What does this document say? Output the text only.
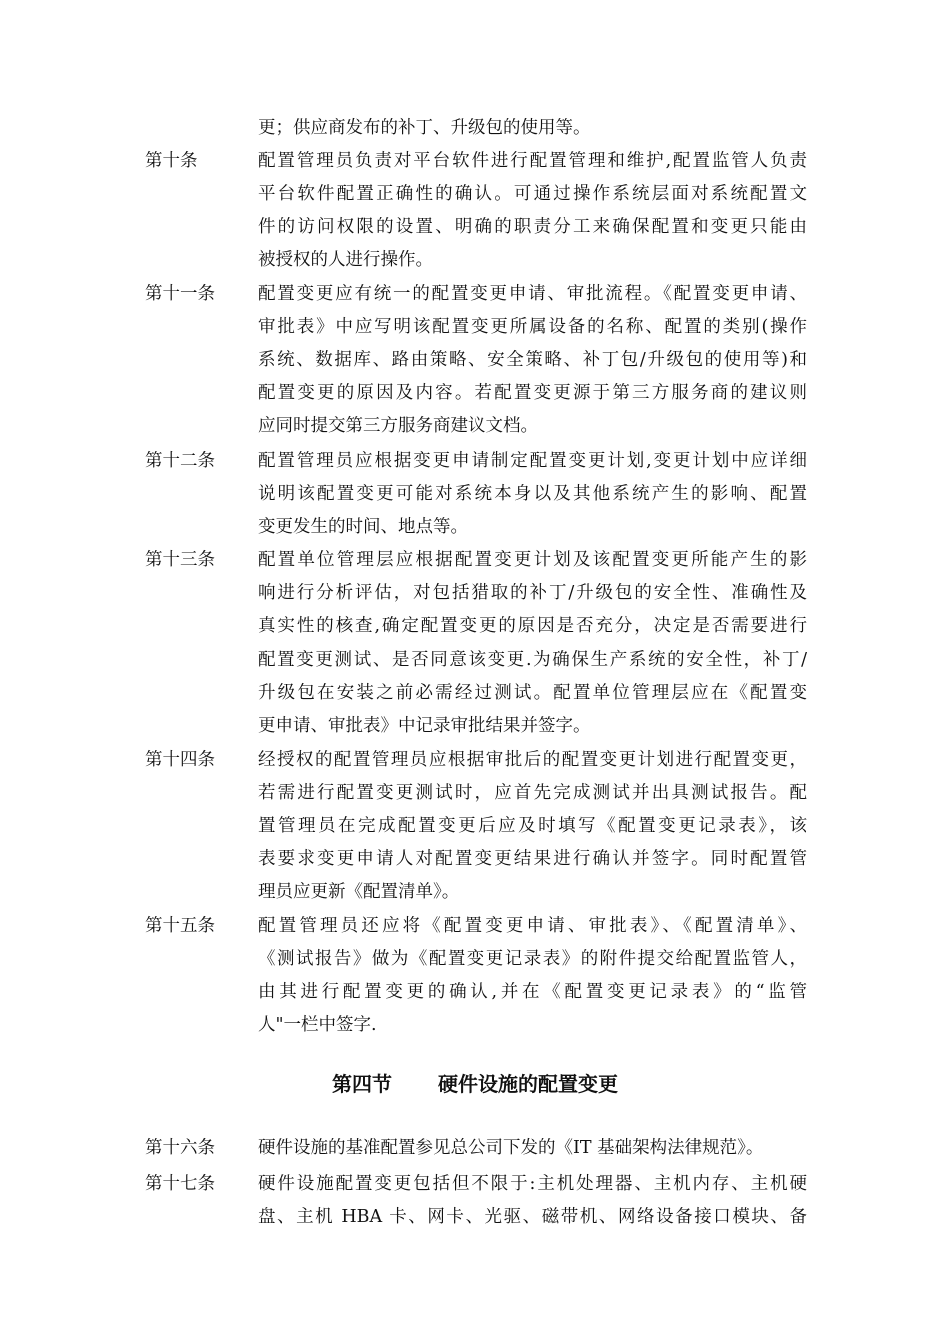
更；供应商发布的补丁、升级包的使用等。
第十条	配置管理员负责对平台软件进行配置管理和维护,配置监管人负责
平台软件配置正确性的确认。可通过操作系统层面对系统配置文
件的访问权限的设置、明确的职责分工来确保配置和变更只能由
被授权的人进行操作。
第十一条 配置变更应有统一的配置变更申请、审批流程。《配置变更申请、
审批表》中应写明该配置变更所属设备的名称、配置的类别(操作
系统、数据库、路由策略、安全策略、补丁包/升级包的使用等)和
配置变更的原因及内容。若配置变更源于第三方服务商的建议则
应同时提交第三方服务商建议文档。
第十二条 配置管理员应根据变更申请制定配置变更计划,变更计划中应详细
说明该配置变更可能对系统本身以及其他系统产生的影响、配置
变更发生的时间、地点等。
第十三条 配置单位管理层应根据配置变更计划及该配置变更所能产生的影
响进行分析评估，对包括猎取的补丁/升级包的安全性、准确性及
真实性的核查,确定配置变更的原因是否充分，决定是否需要进行
配置变更测试、是否同意该变更.为确保生产系统的安全性，补丁/
升级包在安装之前必需经过测试。配置单位管理层应在《配置变
更申请、审批表》中记录审批结果并签字。
第十四条 经授权的配置管理员应根据审批后的配置变更计划进行配置变更，
若需进行配置变更测试时，应首先完成测试并出具测试报告。配
置管理员在完成配置变更后应及时填写《配置变更记录表》，该
表要求变更申请人对配置变更结果进行确认并签字。同时配置管
理员应更新《配置清单》。
第十五条 配置管理员还应将《配置变更申请、审批表》、《配置清单》、
《测试报告》做为《配置变更记录表》的附件提交给配置监管人，
由其进行配置变更的确认,并在《配置变更记录表》的“监管
人"一栏中签字.
第四节 硬件设施的配置变更
第十六条 硬件设施的基准配置参见总公司下发的《IT 基础架构法律规范》。
第十七条 硬件设施配置变更包括但不限于:主机处理器、主机内存、主机硬
盘、主机 HBA 卡、网卡、光驱、磁带机、网络设备接口模块、备
